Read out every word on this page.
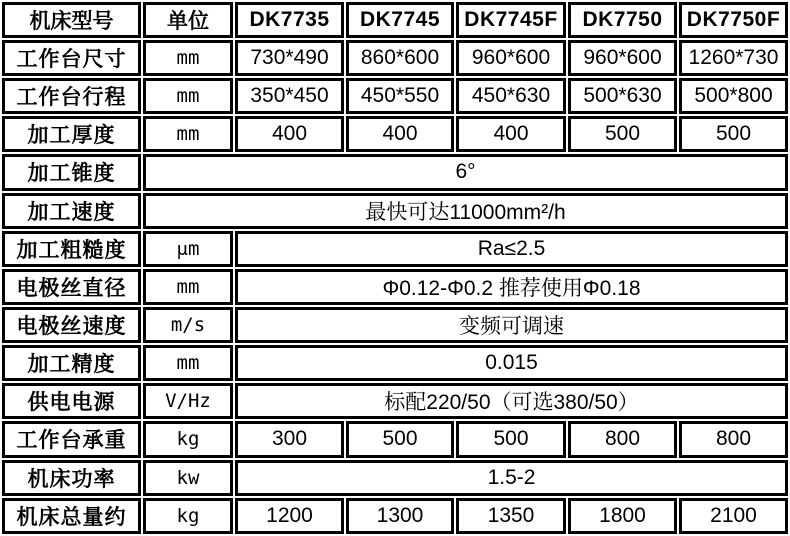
机床型号	单位	DK7735	DK7745	DK7745F	DK7750	DK7750F
工作台尺寸	mm	730*490	860*600	960*600	960*600	1260*730
工作台行程	mm	350*450	450*550	450*630	500*630	500*800
加工厚度	mm	400	400	400	500	500
加工锥度	6°					
加工速度	最快可达11000mm²/h					
加工粗糙度	μm	Ra≤2.5				
电极丝直径	mm	Φ0.12-Φ0.2 推荐使用Φ0.18				
电极丝速度	m/s	变频可调速				
加工精度	mm	0.015				
供电电源	V/Hz	标配220/50（可选380/50）				
工作台承重	kg	300	500	500	800	800
机床功率	kw	1.5-2				
机床总量约	kg	1200	1300	1350	1800	2100
